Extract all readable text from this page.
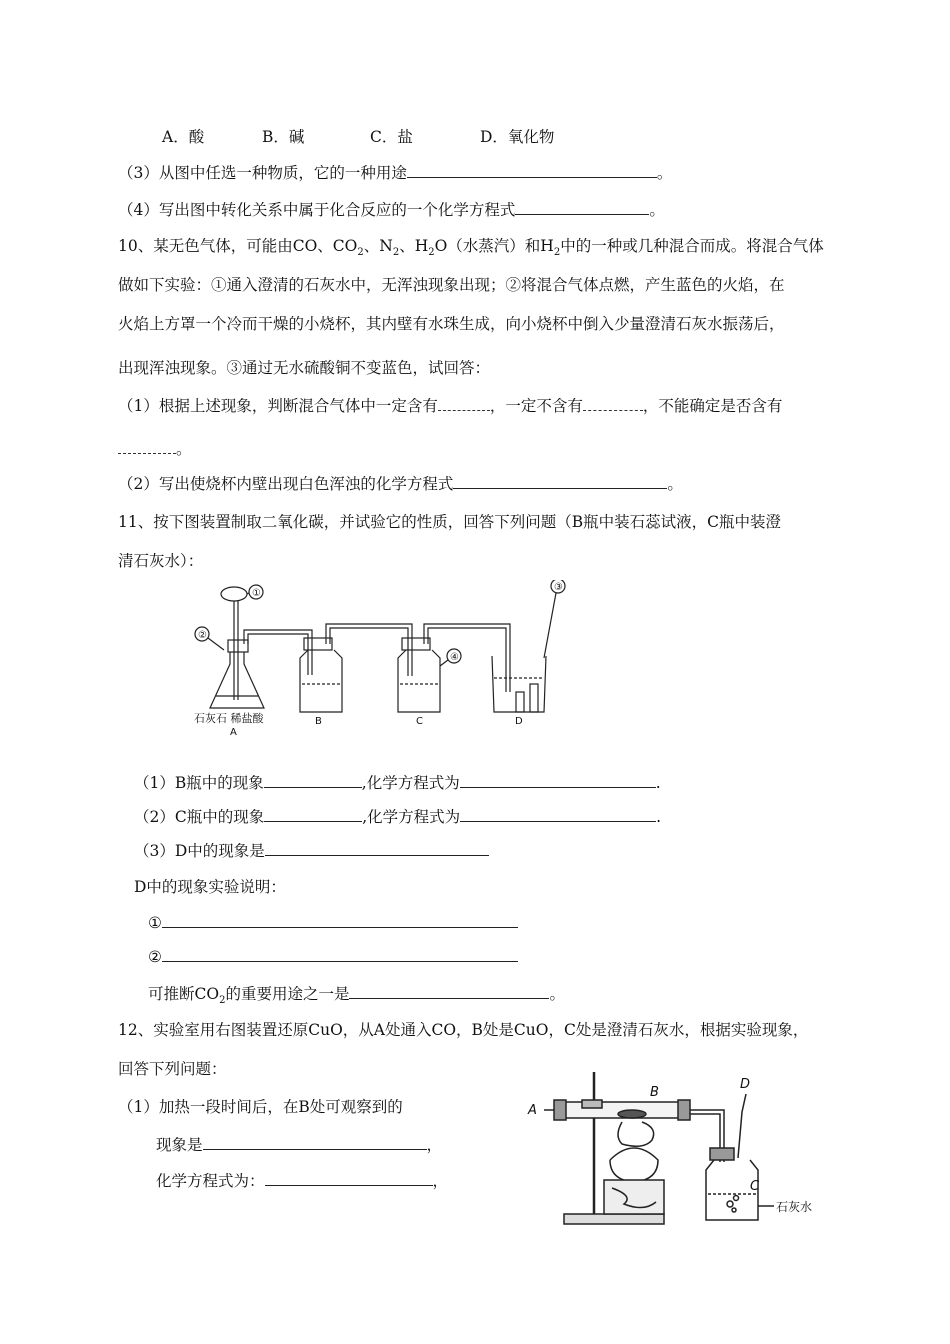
A．酸	B．碱	C．盐	D．氧化物
（3）从图中任选一种物质，它的一种用途	。
（4）写出图中转化关系中属于化合反应的一个化学方程式	。
10、某无色气体，可能由CO、$CO_2$、$N_2$、$H_2O$（水蒸汽）和$H_2$中的一种或几种混合而成。将混合气体
做如下实验：①通入澄清的石灰水中，无浑浊现象出现；②将混合气体点燃，产生蓝色的火焰，在
火焰上方罩一个冷而干燥的小烧杯，其内壁有水珠生成，向小烧杯中倒入少量澄清石灰水振荡后，
出现浑浊现象。③通过无水硫酸铜不变蓝色，试回答：
（1）根据上述现象，判断混合气体中一定含有	，一定不含有	，不能确定是否含有
。
（2）写出使烧杯内壁出现白色浑浊的化学方程式	。
11、按下图装置制取二氧化碳，并试验它的性质，回答下列问题（B瓶中装石蕊试液，C瓶中装澄
清石灰水）：
①
②
③
④
石灰石 稀盐酸
A
B	C	D
（1）B瓶中的现象	,化学方程式为	.
（2）C瓶中的现象	,化学方程式为	.
（3）D中的现象是
D中的现象实验说明：
①
②
可推断$CO_2$的重要用途之一是	。
12、实验室用右图装置还原CuO，从A处通入CO，B处是CuO，C处是澄清石灰水，根据实验现象，
回答下列问题：
（1）加热一段时间后，在B处可观察到的
现象是	，
化学方程式为：	，
A
B
D
C
石灰水
